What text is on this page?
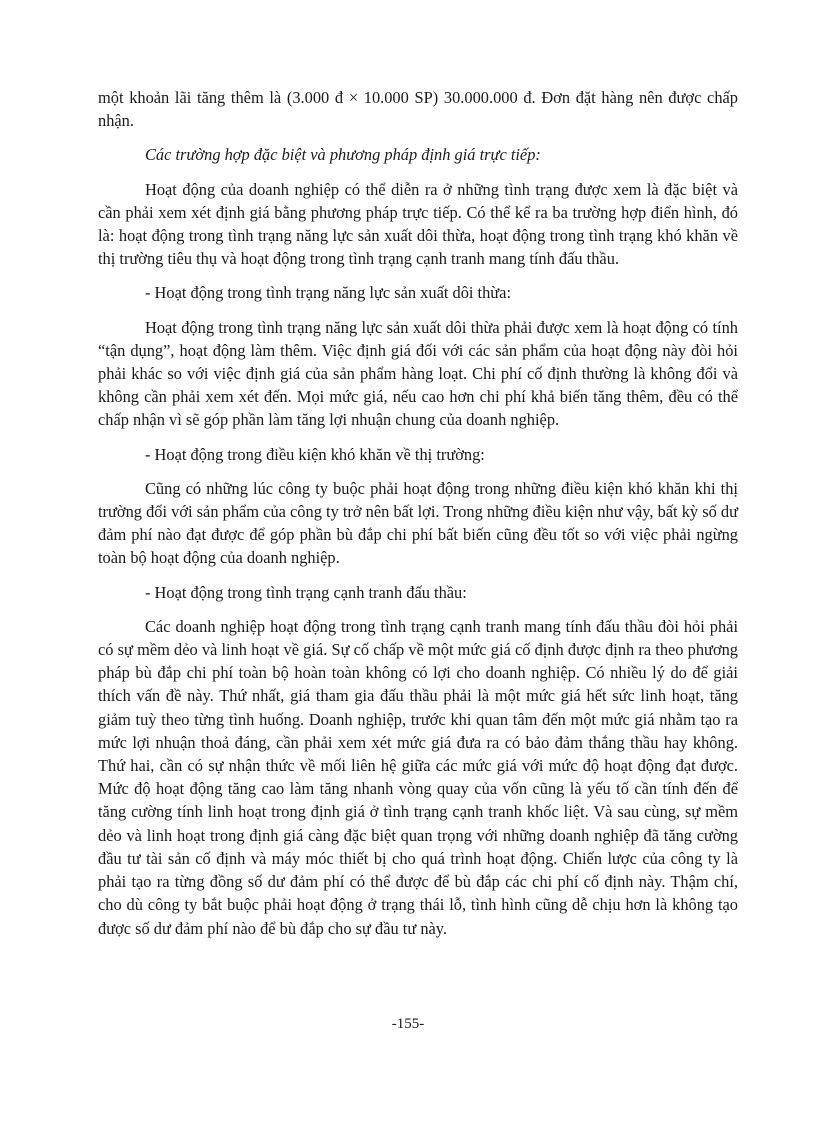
một khoản lãi tăng thêm là (3.000 đ × 10.000 SP) 30.000.000 đ. Đơn đặt hàng nên được chấp nhận.

Các trường hợp đặc biệt và phương pháp định giá trực tiếp:

Hoạt động của doanh nghiệp có thể diễn ra ở những tình trạng được xem là đặc biệt và cần phải xem xét định giá bằng phương pháp trực tiếp. Có thể kể ra ba trường hợp điển hình, đó là: hoạt động trong tình trạng năng lực sản xuất dôi thừa, hoạt động trong tình trạng khó khăn về thị trường tiêu thụ và hoạt động trong tình trạng cạnh tranh mang tính đấu thầu.

- Hoạt động trong tình trạng năng lực sản xuất dôi thừa:

Hoạt động trong tình trạng năng lực sản xuất dôi thừa phải được xem là hoạt động có tính “tận dụng”, hoạt động làm thêm. Việc định giá đối với các sản phẩm của hoạt động này đòi hỏi phải khác so với việc định giá của sản phẩm hàng loạt. Chi phí cố định thường là không đổi và không cần phải xem xét đến. Mọi mức giá, nếu cao hơn chi phí khả biến tăng thêm, đều có thể chấp nhận vì sẽ góp phần làm tăng lợi nhuận chung của doanh nghiệp.

- Hoạt động trong điều kiện khó khăn về thị trường:

Cũng có những lúc công ty buộc phải hoạt động trong những điều kiện khó khăn khi thị trường đối với sản phẩm của công ty trở nên bất lợi. Trong những điều kiện như vậy, bất kỳ số dư đảm phí nào đạt được để góp phần bù đắp chi phí bất biến cũng đều tốt so với việc phải ngừng toàn bộ hoạt động của doanh nghiệp.

- Hoạt động trong tình trạng cạnh tranh đấu thầu:

Các doanh nghiệp hoạt động trong tình trạng cạnh tranh mang tính đấu thầu đòi hỏi phải có sự mềm dẻo và linh hoạt về giá. Sự cố chấp về một mức giá cố định được định ra theo phương pháp bù đắp chi phí toàn bộ hoàn toàn không có lợi cho doanh nghiệp. Có nhiều lý do để giải thích vấn đề này. Thứ nhất, giá tham gia đấu thầu phải là một mức giá hết sức linh hoạt, tăng giảm tuỳ theo từng tình huống. Doanh nghiệp, trước khi quan tâm đến một mức giá nhằm tạo ra mức lợi nhuận thoả đáng, cần phải xem xét mức giá đưa ra có bảo đảm thắng thầu hay không. Thứ hai, cần có sự nhận thức về mối liên hệ giữa các mức giá với mức độ hoạt động đạt được. Mức độ hoạt động tăng cao làm tăng nhanh vòng quay của vốn cũng là yếu tố cần tính đến để tăng cường tính linh hoạt trong định giá ở tình trạng cạnh tranh khốc liệt. Và sau cùng, sự mềm dẻo và linh hoạt trong định giá càng đặc biệt quan trọng với những doanh nghiệp đã tăng cường đầu tư tài sản cố định và máy móc thiết bị cho quá trình hoạt động. Chiến lược của công ty là phải tạo ra từng đồng số dư đảm phí có thể được để bù đắp các chi phí cố định này. Thậm chí, cho dù công ty bắt buộc phải hoạt động ở trạng thái lỗ, tình hình cũng dễ chịu hơn là không tạo được số dư đảm phí nào để bù đắp cho sự đầu tư này.

-155-
